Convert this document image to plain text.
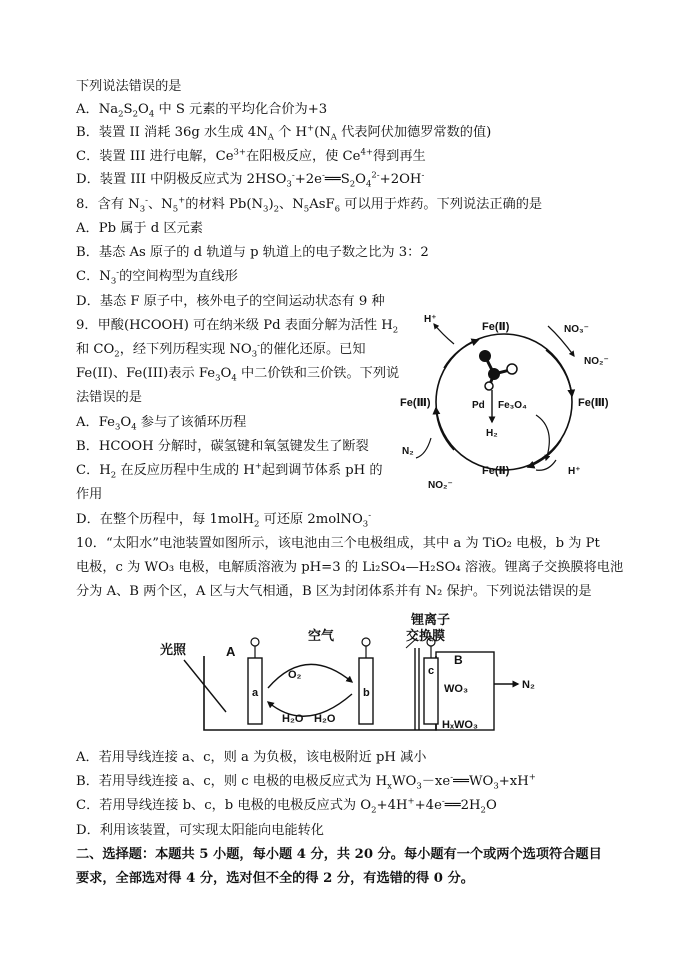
下列说法错误的是
A．$Na_2S_2O_4$ 中 S 元素的平均化合价为+3
B．装置 II 消耗 36g 水生成 $4N_A$ 个 $H^+(N_A$ 代表阿伏加德罗常数的值)
C．装置 III 进行电解，$Ce^{3+}$在阳极反应，使 $Ce^{4+}$得到再生
D．装置 III 中阴极反应式为 $2HSO_3^-+2e^-══S_2O_4^{2-}+2OH^-$
8．含有 $N_3^-$、$N_5^+$的材料 $Pb(N_3)_2$、$N_5AsF_6$ 可以用于炸药。下列说法正确的是
A．Pb 属于 d 区元素
B．基态 As 原子的 d 轨道与 p 轨道上的电子数之比为 3：2
C．$N_3^-$的空间构型为直线形
D．基态 F 原子中，核外电子的空间运动状态有 9 种
9．甲酸(HCOOH) 可在纳米级 Pd 表面分解为活性 $H_2$
和 $CO_2$，经下列历程实现 $NO_3^-$的催化还原。已知
Fe(II)、Fe(III)表示 $Fe_3O_4$ 中二价铁和三价铁。下列说
法错误的是
A．$Fe_3O_4$ 参与了该循环历程
B．HCOOH 分解时，碳氢键和氧氢键发生了断裂
C．$H_2$ 在反应历程中生成的 H+起到调节体系 pH 的
作用
D．在整个历程中，每 1molH$_2$ 可还原 2molNO$_3$-
10．“太阳水”电池装置如图所示，该电池由三个电极组成，其中 a 为 TiO₂ 电极，b 为 Pt
电极，c 为 WO₃ 电极，电解质溶液为 pH=3 的 Li₂SO₄—H₂SO₄ 溶液。锂离子交换膜将电池
分为 A、B 两个区，A 区与大气相通，B 区为封闭体系并有 N₂ 保护。下列说法错误的是
A．若用导线连接 a、c，则 a 为负极，该电极附近 pH 减小
B．若用导线连接 a、c，则 c 电极的电极反应式为 $H_xWO_3-xe^-══WO_3+xH^+$
C．若用导线连接 b、c，b 电极的电极反应式为 $O_2+4H^++4e^-══2H_2O$
D．利用该装置，可实现太阳能向电能转化
二、选择题：本题共 5 小题，每小题 4 分，共 20 分。每小题有一个或两个选项符合题目
要求，全部选对得 4 分，选对但不全的得 2 分，有选错的得 0 分。
H⁺
Fe(Ⅱ)	NO₃⁻
NO₂⁻
Fe(Ⅲ)	Fe(Ⅲ)
Pd Fe₃O₄
H₂
N₂
Fe(Ⅱ)	H⁺
NO₂⁻
光照	A
空气
锂离子
交换膜
B
a	b
c
O₂
H₂O H₂O
WO₃	N₂
HₓWO₃
